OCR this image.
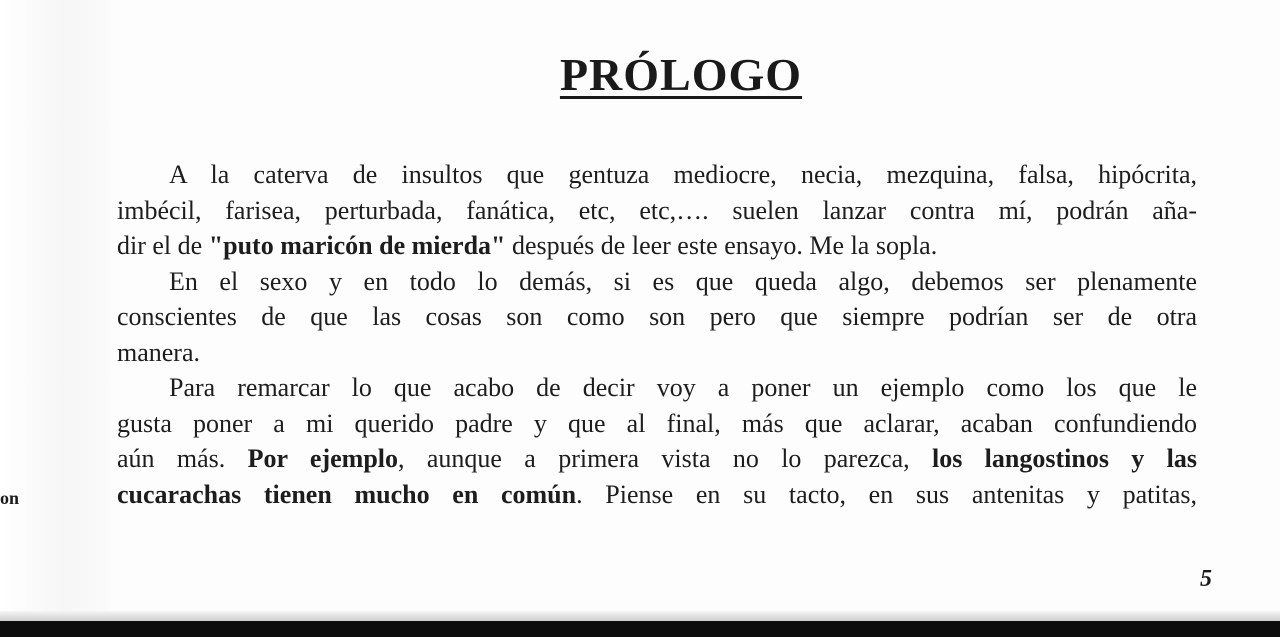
PRÓLOGO
A la caterva de insultos que gentuza mediocre, necia, mezquina, falsa, hipócrita,
imbécil, farisea, perturbada, fanática, etc, etc,…. suelen lanzar contra mí, podrán aña-
dir el de "puto maricón de mierda" después de leer este ensayo. Me la sopla.
En el sexo y en todo lo demás, si es que queda algo, debemos ser plenamente
conscientes de que las cosas son como son pero que siempre podrían ser de otra
manera.
Para remarcar lo que acabo de decir voy a poner un ejemplo como los que le
gusta poner a mi querido padre y que al final, más que aclarar, acaban confundiendo
aún más. Por ejemplo, aunque a primera vista no lo parezca, los langostinos y las
cucarachas tienen mucho en común. Piense en su tacto, en sus antenitas y patitas,
on
5
